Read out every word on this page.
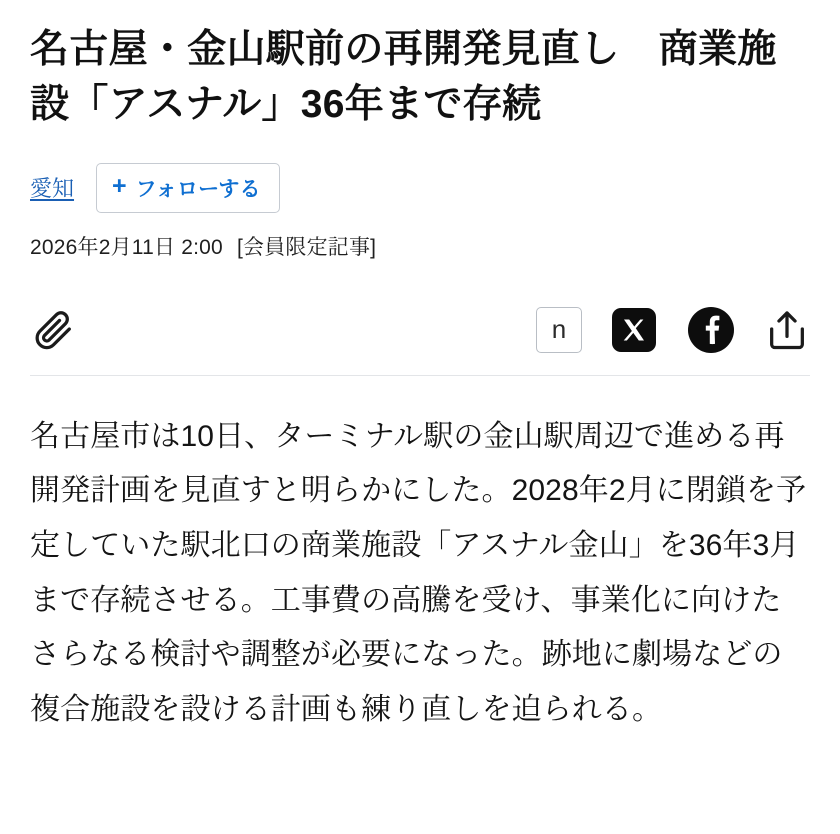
名古屋・金山駅前の再開発見直し　商業施設「アスナル」36年まで存続
愛知 + フォローする
2026年2月11日 2:00 [会員限定記事]
n

名古屋市は10日、ターミナル駅の金山駅周辺で進める再開発計画を見直すと明らかにした。2028年2月に閉鎖を予定していた駅北口の商業施設「アスナル金山」を36年3月まで存続させる。工事費の高騰を受け、事業化に向けたさらなる検討や調整が必要になった。跡地に劇場などの複合施設を設ける計画も練り直しを迫られる。
